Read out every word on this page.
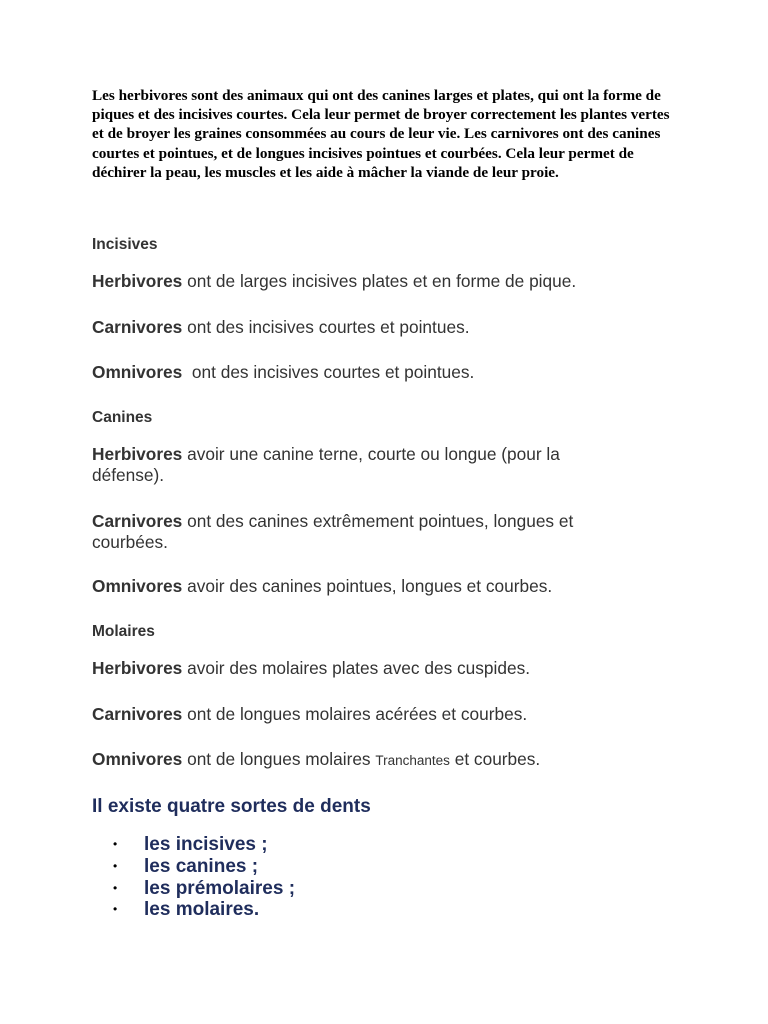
Les herbivores sont des animaux qui ont des canines larges et plates, qui ont la forme de piques et des incisives courtes. Cela leur permet de broyer correctement les plantes vertes et de broyer les graines consommées au cours de leur vie. Les carnivores ont des canines courtes et pointues, et de longues incisives pointues et courbées. Cela leur permet de déchirer la peau, les muscles et les aide à mâcher la viande de leur proie.

Incisives

Herbivores ont de larges incisives plates et en forme de pique.

Carnivores ont des incisives courtes et pointues.

Omnivores  ont des incisives courtes et pointues.

Canines

Herbivores avoir une canine terne, courte ou longue (pour la défense).

Carnivores ont des canines extrêmement pointues, longues et courbées.

Omnivores avoir des canines pointues, longues et courbes.

Molaires

Herbivores avoir des molaires plates avec des cuspides.

Carnivores ont de longues molaires acérées et courbes.

Omnivores ont de longues molaires Tranchantes et courbes.

Il existe quatre sortes de dents
• les incisives ;
• les canines ;
• les prémolaires ;
• les molaires.
